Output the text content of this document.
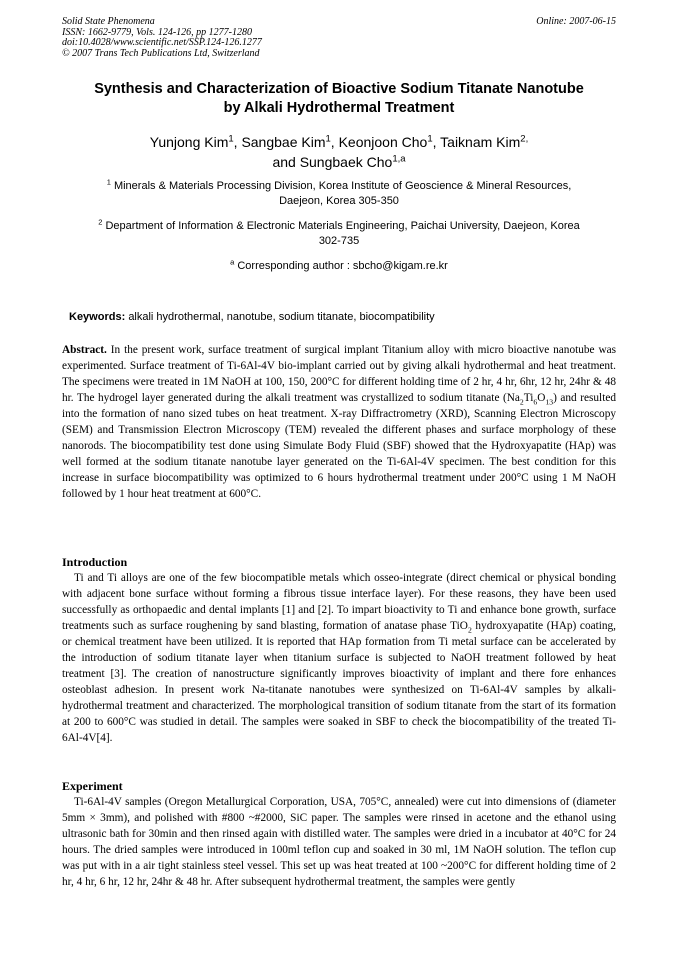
Solid State Phenomena
ISSN: 1662-9779, Vols. 124-126, pp 1277-1280
doi:10.4028/www.scientific.net/SSP.124-126.1277
© 2007 Trans Tech Publications Ltd, Switzerland
Online: 2007-06-15
Synthesis and Characterization of Bioactive Sodium Titanate Nanotube
by Alkali Hydrothermal Treatment
Yunjong Kim$^1$, Sangbae Kim$^1$, Keonjoon Cho$^1$, Taiknam Kim$^{2,}$
and Sungbaek Cho$^{1,a}$
$^1$ Minerals & Materials Processing Division, Korea Institute of Geoscience & Mineral Resources,
Daejeon, Korea 305-350
$^2$ Department of Information & Electronic Materials Engineering, Paichai University, Daejeon, Korea
302-735
$^a$ Corresponding author : sbcho@kigam.re.kr
Keywords: alkali hydrothermal, nanotube, sodium titanate, biocompatibility
Abstract. In the present work, surface treatment of surgical implant Titanium alloy with micro bioactive nanotube was experimented. Surface treatment of Ti-6Al-4V bio-implant carried out by giving alkali hydrothermal and heat treatment. The specimens were treated in 1M NaOH at 100, 150, 200°C for different holding time of 2 hr, 4 hr, 6hr, 12 hr, 24hr & 48 hr. The hydrogel layer generated during the alkali treatment was crystallized to sodium titanate $(Na_2Ti_6O_{13})$ and resulted into the formation of nano sized tubes on heat treatment. X-ray Diffractrometry (XRD), Scanning Electron Microscopy (SEM) and Transmission Electron Microscopy (TEM) revealed the different phases and surface morphology of these nanorods. The biocompatibility test done using Simulate Body Fluid (SBF) showed that the Hydroxyapatite (HAp) was well formed at the sodium titanate nanotube layer generated on the Ti-6Al-4V specimen. The best condition for this increase in surface biocompatibility was optimized to 6 hours hydrothermal treatment under 200°C using 1 M NaOH followed by 1 hour heat treatment at 600°C.
Introduction
Ti and Ti alloys are one of the few biocompatible metals which osseo-integrate (direct chemical or physical bonding with adjacent bone surface without forming a fibrous tissue interface layer). For these reasons, they have been used successfully as orthopaedic and dental implants [1] and [2]. To impart bioactivity to Ti and enhance bone growth, surface treatments such as surface roughening by sand blasting, formation of anatase phase TiO$_2$ hydroxyapatite (HAp) coating, or chemical treatment have been utilized. It is reported that HAp formation from Ti metal surface can be accelerated by the introduction of sodium titanate layer when titanium surface is subjected to NaOH treatment followed by heat treatment [3]. The creation of nanostructure significantly improves bioactivity of implant and there fore enhances osteoblast adhesion. In present work Na-titanate nanotubes were synthesized on Ti-6Al-4V samples by alkali-hydrothermal treatment and characterized. The morphological transition of sodium titanate from the start of its formation at 200 to 600°C was studied in detail. The samples were soaked in SBF to check the biocompatibility of the treated Ti-6Al-4V[4].
Experiment
Ti-6Al-4V samples (Oregon Metallurgical Corporation, USA, 705°C, annealed) were cut into dimensions of (diameter 5mm × 3mm), and polished with #800 ~#2000, SiC paper. The samples were rinsed in acetone and the ethanol using ultrasonic bath for 30min and then rinsed again with distilled water. The samples were dried in a incubator at 40°C for 24 hours. The dried samples were introduced in 100ml teflon cup and soaked in 30 ml, 1M NaOH solution. The teflon cup was put with in a air tight stainless steel vessel. This set up was heat treated at 100 ~200°C for different holding time of 2 hr, 4 hr, 6 hr, 12 hr, 24hr & 48 hr. After subsequent hydrothermal treatment, the samples were gently
